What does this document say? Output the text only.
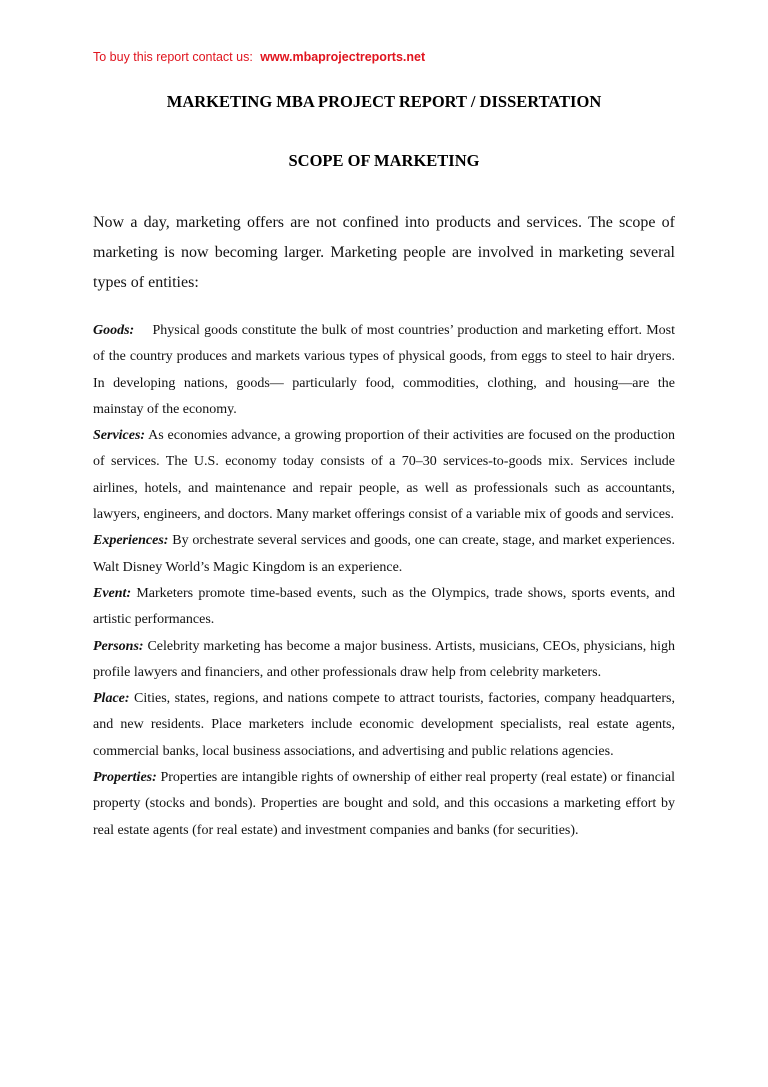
To buy this report contact us: www.mbaprojectreports.net
MARKETING MBA PROJECT REPORT / DISSERTATION
SCOPE OF MARKETING

Now a day, marketing offers are not confined into products and services. The scope of marketing is now becoming larger. Marketing people are involved in marketing several types of entities:

Goods: Physical goods constitute the bulk of most countries’ production and marketing effort. Most of the country produces and markets various types of physical goods, from eggs to steel to hair dryers. In developing nations, goods— particularly food, commodities, clothing, and housing—are the mainstay of the economy.

Services: As economies advance, a growing proportion of their activities are focused on the production of services. The U.S. economy today consists of a 70–30 services-to-goods mix. Services include airlines, hotels, and maintenance and repair people, as well as professionals such as accountants, lawyers, engineers, and doctors. Many market offerings consist of a variable mix of goods and services.

Experiences: By orchestrate several services and goods, one can create, stage, and market experiences. Walt Disney World’s Magic Kingdom is an experience.

Event: Marketers promote time-based events, such as the Olympics, trade shows, sports events, and artistic performances.

Persons: Celebrity marketing has become a major business. Artists, musicians, CEOs, physicians, high profile lawyers and financiers, and other professionals draw help from celebrity marketers.

Place: Cities, states, regions, and nations compete to attract tourists, factories, company headquarters, and new residents. Place marketers include economic development specialists, real estate agents, commercial banks, local business associations, and advertising and public relations agencies.

Properties: Properties are intangible rights of ownership of either real property (real estate) or financial property (stocks and bonds). Properties are bought and sold, and this occasions a marketing effort by real estate agents (for real estate) and investment companies and banks (for securities).
